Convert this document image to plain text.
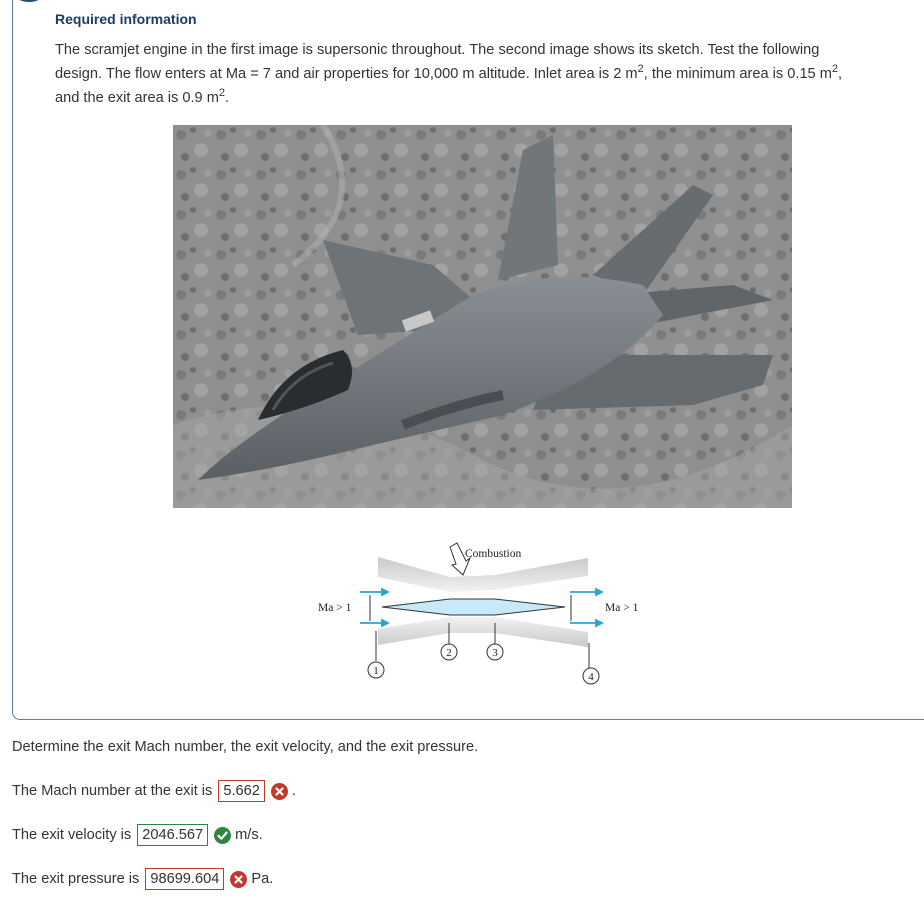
Required information
The scramjet engine in the first image is supersonic throughout. The second image shows its sketch. Test the following
design. The flow enters at Ma = 7 and air properties for 10,000 m altitude. Inlet area is 2 $m^2$, the minimum area is 0.15 $m^2$,
and the exit area is 0.9 $m^2$.
1
2	3
4
Combustion
Ma > 1	Ma > 1

Determine the exit Mach number, the exit velocity, and the exit pressure.

The Mach number at the exit is 5.662	.
The exit velocity is 2046.567	m/s.
The exit pressure is 98699.604	Pa.
